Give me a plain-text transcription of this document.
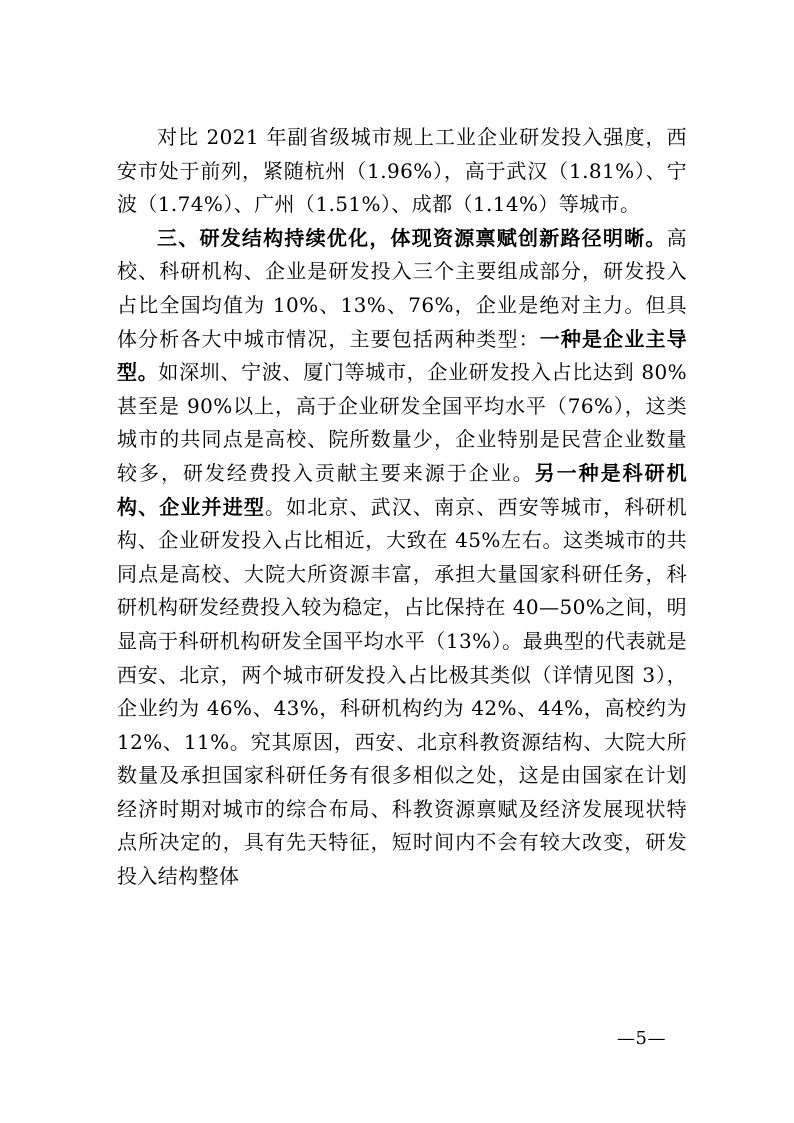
对比 2021 年副省级城市规上工业企业研发投入强度，西安市处于前列，紧随杭州（1.96%），高于武汉（1.81%）、宁波（1.74%）、广州（1.51%）、成都（1.14%）等城市。

三、研发结构持续优化，体现资源禀赋创新路径明晰。高校、科研机构、企业是研发投入三个主要组成部分，研发投入占比全国均值为 10%、13%、76%，企业是绝对主力。但具体分析各大中城市情况，主要包括两种类型：一种是企业主导型。如深圳、宁波、厦门等城市，企业研发投入占比达到 80%甚至是 90%以上，高于企业研发全国平均水平（76%），这类城市的共同点是高校、院所数量少，企业特别是民营企业数量较多，研发经费投入贡献主要来源于企业。另一种是科研机构、企业并进型。如北京、武汉、南京、西安等城市，科研机构、企业研发投入占比相近，大致在 45%左右。这类城市的共同点是高校、大院大所资源丰富，承担大量国家科研任务，科研机构研发经费投入较为稳定，占比保持在 40—50%之间，明显高于科研机构研发全国平均水平（13%）。最典型的代表就是西安、北京，两个城市研发投入占比极其类似（详情见图 3），企业约为 46%、43%，科研机构约为 42%、44%，高校约为 12%、11%。究其原因，西安、北京科教资源结构、大院大所数量及承担国家科研任务有很多相似之处，这是由国家在计划经济时期对城市的综合布局、科教资源禀赋及经济发展现状特点所决定的，具有先天特征，短时间内不会有较大改变，研发投入结构整体

—5—
